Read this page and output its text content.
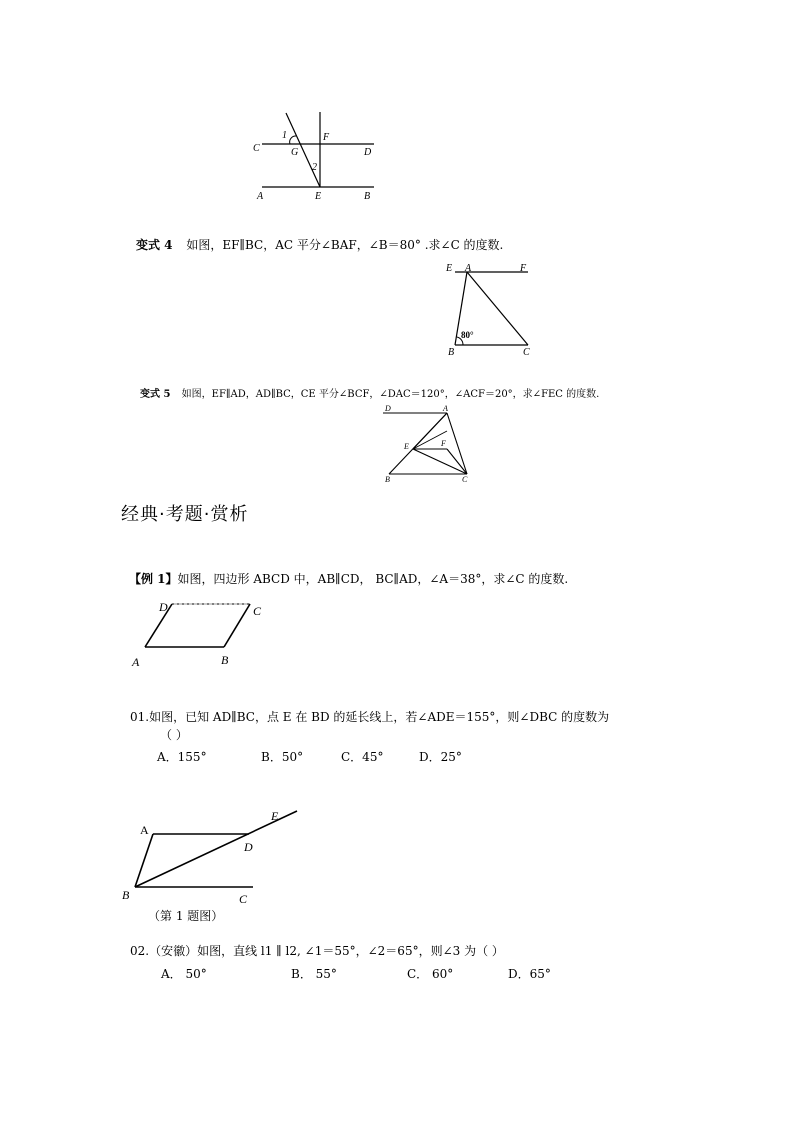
1	F
C	G	D
2
A	E	B
变式 4 如图，EF∥BC，AC 平分∠BAF，∠B＝80° .求∠C 的度数.
E A	F
80°
B	C
变式 5 如图，EF∥AD，AD∥BC，CE 平分∠BCF，∠DAC＝120°，∠ACF＝20°，求∠FEC 的度数.
D	A
E	F
B	C
经典·考题·赏析
【例 1】如图，四边形 ABCD 中，AB∥CD， BC∥AD，∠A＝38°，求∠C 的度数.
D	C
A	B
01.如图，已知 AD∥BC，点 E 在 BD 的延长线上，若∠ADE＝155°，则∠DBC 的度数为
（ ）
A．155°	B．50°	C．45°	D．25°
E
A
D
B	C
（第 1 题图）
02.（安徽）如图，直线 l1 ∥ l2, ∠1＝55°，∠2＝65°，则∠3 为（ ）
A． 50°	B． 55°	C． 60°	D．65°
